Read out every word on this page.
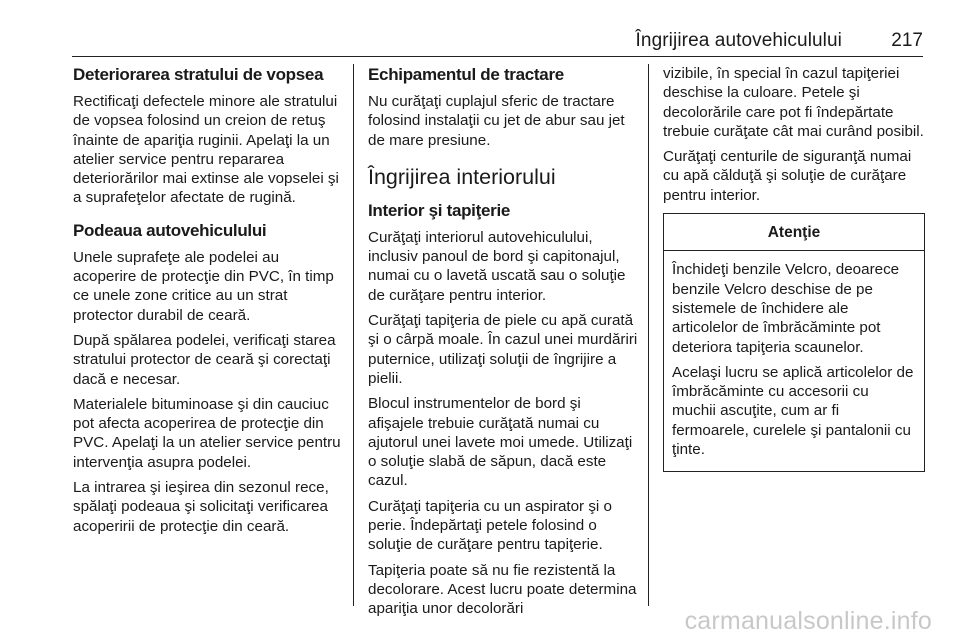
Îngrijirea autovehiculului	217
Deteriorarea stratului de vopsea

Rectificaţi defectele minore ale stratului de vopsea folosind un creion de retuş înainte de apariţia ruginii. Apelaţi la un atelier service pentru repararea deteriorărilor mai extinse ale vopselei şi a suprafeţelor afectate de rugină.

Podeaua autovehiculului

Unele suprafeţe ale podelei au acoperire de protecţie din PVC, în timp ce unele zone critice au un strat protector durabil de ceară.

După spălarea podelei, verificaţi starea stratului protector de ceară şi corectaţi dacă e necesar.

Materialele bituminoase şi din cauciuc pot afecta acoperirea de protecţie din PVC. Apelaţi la un atelier service pentru intervenţia asupra podelei.

La intrarea şi ieşirea din sezonul rece, spălaţi podeaua şi solicitaţi verificarea acoperirii de protecţie din ceară.

Echipamentul de tractare

Nu curăţaţi cuplajul sferic de tractare folosind instalaţii cu jet de abur sau jet de mare presiune.

Îngrijirea interiorului
Interior şi tapiţerie

Curăţaţi interiorul autovehiculului, inclusiv panoul de bord şi capitonajul, numai cu o lavetă uscată sau o soluţie de curăţare pentru interior.

Curăţaţi tapiţeria de piele cu apă curată şi o cârpă moale. În cazul unei murdăriri puternice, utilizaţi soluţii de îngrijire a pielii.

Blocul instrumentelor de bord şi afişajele trebuie curăţată numai cu ajutorul unei lavete moi umede. Utilizaţi o soluţie slabă de săpun, dacă este cazul.

Curăţaţi tapiţeria cu un aspirator şi o perie. Îndepărtaţi petele folosind o soluţie de curăţare pentru tapiţerie.

Tapiţeria poate să nu fie rezistentă la decolorare. Acest lucru poate determina apariţia unor decolorări

vizibile, în special în cazul tapiţeriei deschise la culoare. Petele şi decolorările care pot fi îndepărtate trebuie curăţate cât mai curând posibil.

Curăţaţi centurile de siguranţă numai cu apă călduţă şi soluţie de curăţare pentru interior.

Atenţie

Închideţi benzile Velcro, deoarece benzile Velcro deschise de pe sistemele de închidere ale articolelor de îmbrăcăminte pot deteriora tapiţeria scaunelor.

Acelaşi lucru se aplică articolelor de îmbrăcăminte cu accesorii cu muchii ascuţite, cum ar fi fermoarele, curelele şi pantalonii cu ţinte.

carmanualsonline.info
